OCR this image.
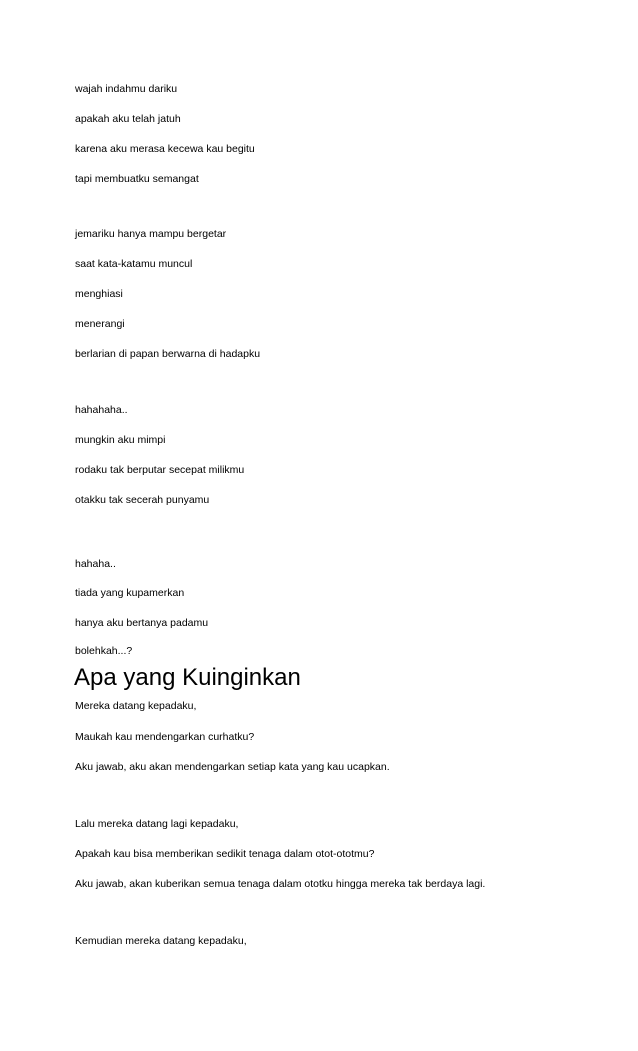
wajah indahmu dariku

apakah aku telah jatuh

karena aku merasa kecewa kau begitu

tapi membuatku semangat

jemariku hanya mampu bergetar

saat kata-katamu muncul

menghiasi

menerangi

berlarian di papan berwarna di hadapku

hahahaha..

mungkin aku mimpi

rodaku tak berputar secepat milikmu

otakku tak secerah punyamu

hahaha..

tiada yang kupamerkan

hanya aku bertanya padamu

bolehkah...?

Apa yang Kuinginkan

Mereka datang kepadaku,

Maukah kau mendengarkan curhatku?

Aku jawab, aku akan mendengarkan setiap kata yang kau ucapkan.

Lalu mereka datang lagi kepadaku,

Apakah kau bisa memberikan sedikit tenaga dalam otot-ototmu?

Aku jawab, akan kuberikan semua tenaga dalam ototku hingga mereka tak berdaya lagi.

Kemudian mereka datang kepadaku,
